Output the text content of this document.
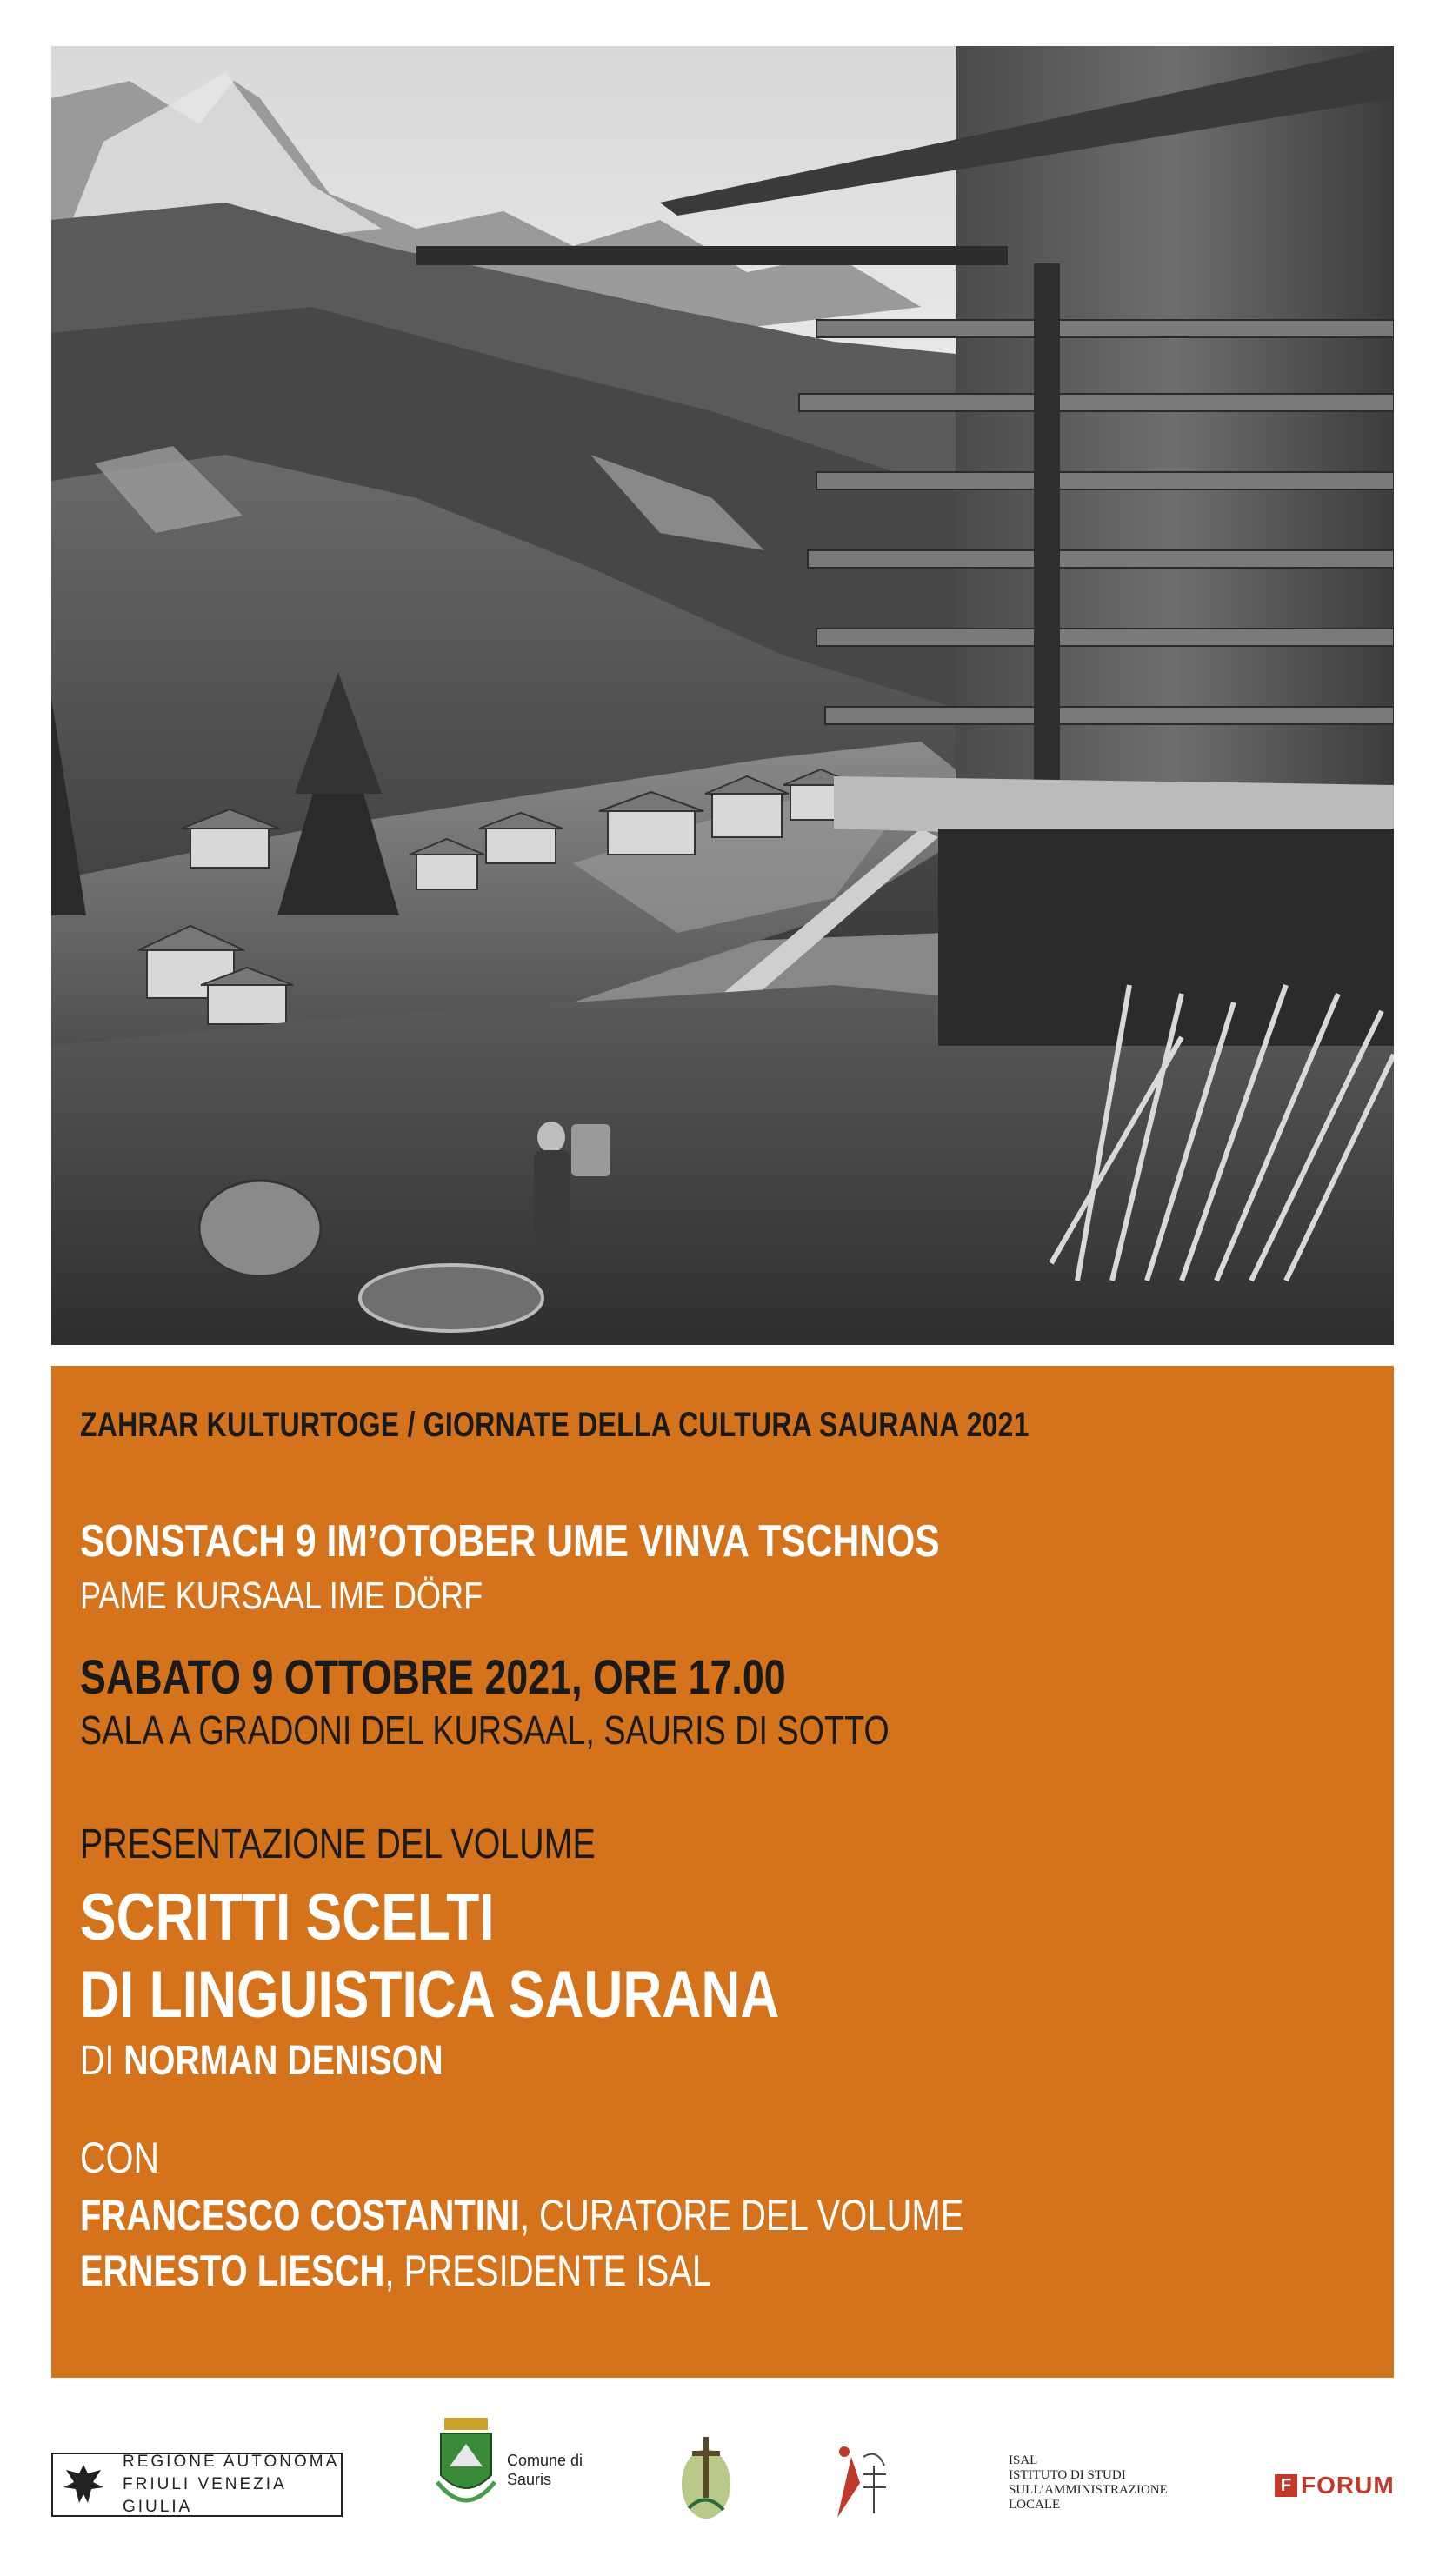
ZAHRAR KULTURTOGE / GIORNATE DELLA CULTURA SAURANA 2021
SONSTACH 9 IM’OTOBER UME VINVA TSCHNOS
PAME KURSAAL IME DÖRF
SABATO 9 OTTOBRE 2021, ORE 17.00
SALA A GRADONI DEL KURSAAL, SAURIS DI SOTTO
PRESENTAZIONE DEL VOLUME
SCRITTI SCELTI
DI LINGUISTICA SAURANA
DI NORMAN DENISON
CON
FRANCESCO COSTANTINI, CURATORE DEL VOLUME
ERNESTO LIESCH, PRESIDENTE ISAL
REGIONE AUTONOMA
FRIULI VENEZIA GIULIA
Comune di
Sauris
ISAL
ISTITUTO DI STUDI
SULL’AMMINISTRAZIONE
LOCALE
F FORUM
